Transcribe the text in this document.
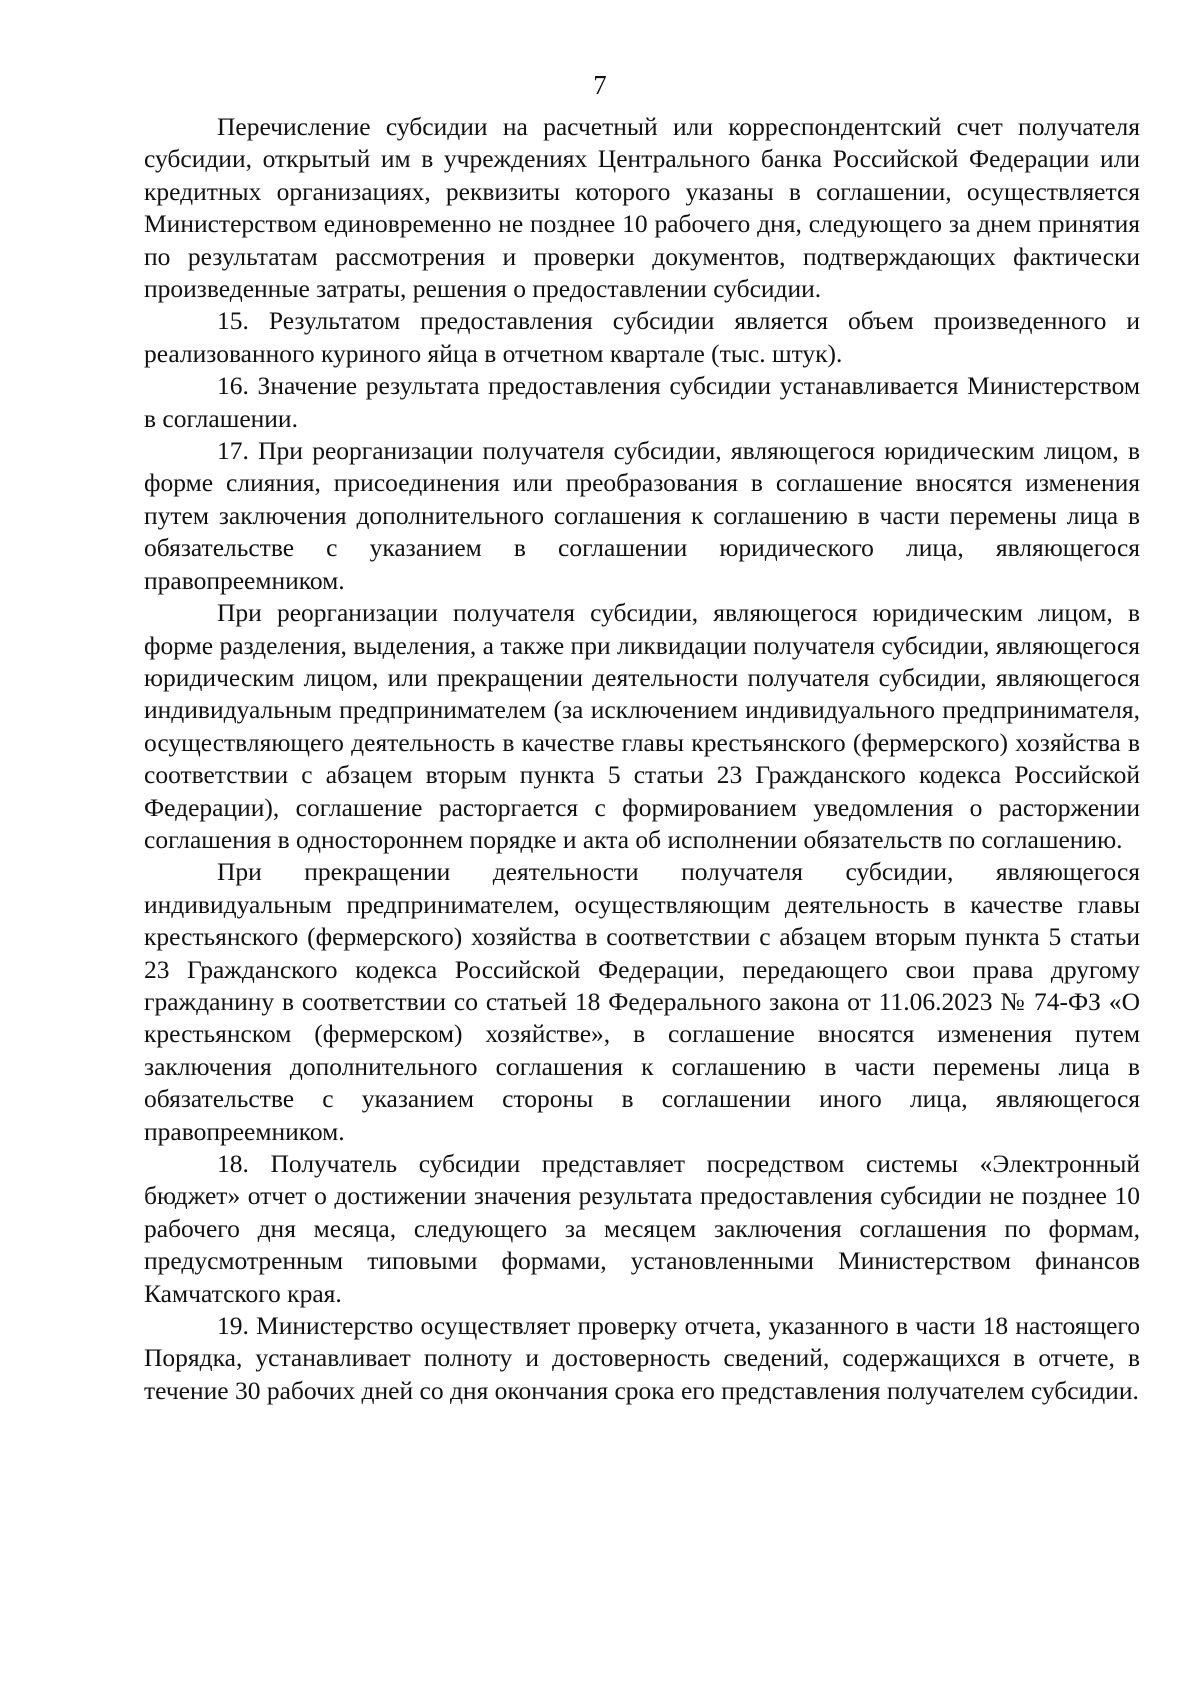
7

Перечисление субсидии на расчетный или корреспондентский счет получателя субсидии, открытый им в учреждениях Центрального банка Российской Федерации или кредитных организациях, реквизиты которого указаны в соглашении, осуществляется Министерством единовременно не позднее 10 рабочего дня, следующего за днем принятия по результатам рассмотрения и проверки документов, подтверждающих фактически произведенные затраты, решения о предоставлении субсидии.

15. Результатом предоставления субсидии является объем произведенного и реализованного куриного яйца в отчетном квартале (тыс. штук).

16. Значение результата предоставления субсидии устанавливается Министерством в соглашении.

17. При реорганизации получателя субсидии, являющегося юридическим лицом, в форме слияния, присоединения или преобразования в соглашение вносятся изменения путем заключения дополнительного соглашения к соглашению в части перемены лица в обязательстве с указанием в соглашении юридического лица, являющегося правопреемником.

При реорганизации получателя субсидии, являющегося юридическим лицом, в форме разделения, выделения, а также при ликвидации получателя субсидии, являющегося юридическим лицом, или прекращении деятельности получателя субсидии, являющегося индивидуальным предпринимателем (за исключением индивидуального предпринимателя, осуществляющего деятельность в качестве главы крестьянского (фермерского) хозяйства в соответствии с абзацем вторым пункта 5 статьи 23 Гражданского кодекса Российской Федерации), соглашение расторгается с формированием уведомления о расторжении соглашения в одностороннем порядке и акта об исполнении обязательств по соглашению.

При прекращении деятельности получателя субсидии, являющегося индивидуальным предпринимателем, осуществляющим деятельность в качестве главы крестьянского (фермерского) хозяйства в соответствии с абзацем вторым пункта 5 статьи 23 Гражданского кодекса Российской Федерации, передающего свои права другому гражданину в соответствии со статьей 18 Федерального закона от 11.06.2023 № 74-ФЗ «О крестьянском (фермерском) хозяйстве», в соглашение вносятся изменения путем заключения дополнительного соглашения к соглашению в части перемены лица в обязательстве с указанием стороны в соглашении иного лица, являющегося правопреемником.

18. Получатель субсидии представляет посредством системы «Электронный бюджет» отчет о достижении значения результата предоставления субсидии не позднее 10 рабочего дня месяца, следующего за месяцем заключения соглашения по формам, предусмотренным типовыми формами, установленными Министерством финансов Камчатского края.

19. Министерство осуществляет проверку отчета, указанного в части 18 настоящего Порядка, устанавливает полноту и достоверность сведений, содержащихся в отчете, в течение 30 рабочих дней со дня окончания срока его представления получателем субсидии.
